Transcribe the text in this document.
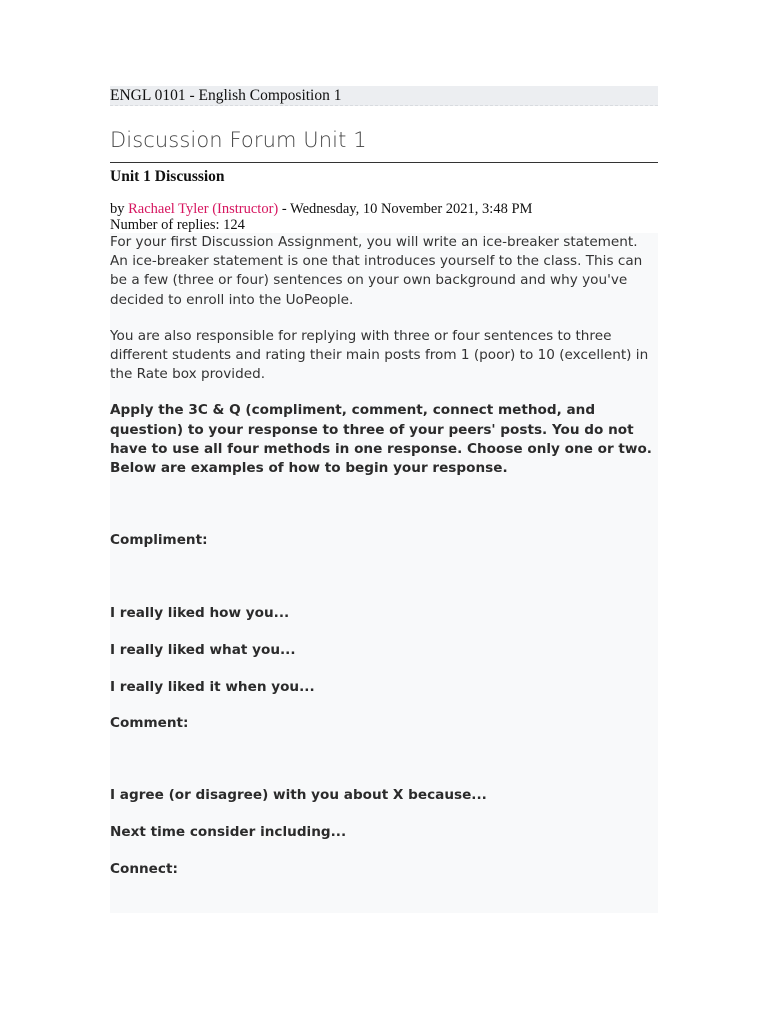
ENGL 0101 - English Composition 1
Discussion Forum Unit 1
Unit 1 Discussion
by Rachael Tyler (Instructor) - Wednesday, 10 November 2021, 3:48 PM
Number of replies: 124

For your first Discussion Assignment, you will write an ice-breaker statement. An ice-breaker statement is one that introduces yourself to the class. This can be a few (three or four) sentences on your own background and why you've decided to enroll into the UoPeople.

You are also responsible for replying with three or four sentences to three different students and rating their main posts from 1 (poor) to 10 (excellent) in the Rate box provided.

Apply the 3C & Q (compliment, comment, connect method, and question) to your response to three of your peers' posts. You do not have to use all four methods in one response. Choose only one or two. Below are examples of how to begin your response.

Compliment:

I really liked how you...

I really liked what you...

I really liked it when you...

Comment:

I agree (or disagree) with you about X because...

Next time consider including...

Connect:
